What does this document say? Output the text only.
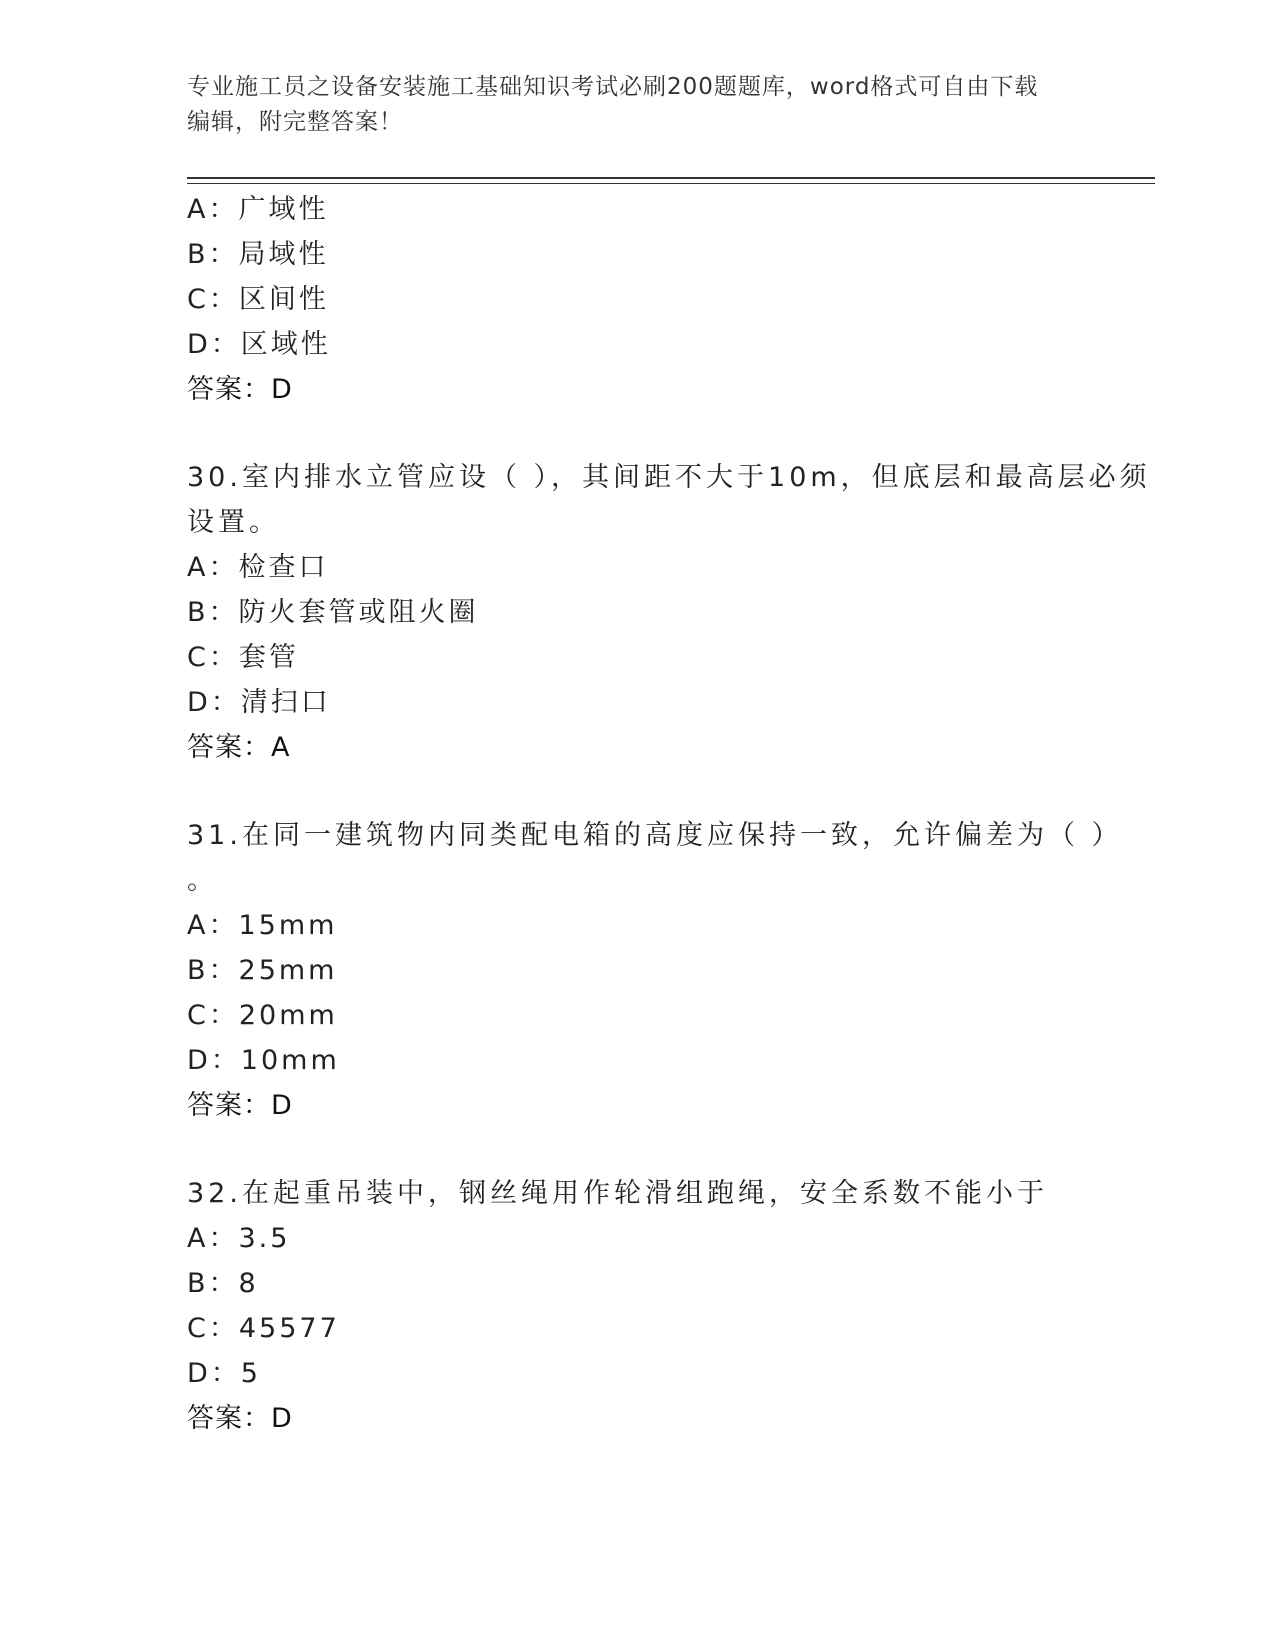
专业施工员之设备安装施工基础知识考试必刷200题题库，word格式可自由下载
编辑，附完整答案！
A：广域性
B：局域性
C：区间性
D：区域性
答案：D
30.室内排水立管应设（ ），其间距不大于10m，但底层和最高层必须
设置。
A：检查口
B：防火套管或阻火圈
C：套管
D：清扫口
答案：A
31.在同一建筑物内同类配电箱的高度应保持一致，允许偏差为（ ）
。
A：15mm
B：25mm
C：20mm
D：10mm
答案：D
32.在起重吊装中，钢丝绳用作轮滑组跑绳，安全系数不能小于
A：3.5
B：8
C：45577
D：5
答案：D
